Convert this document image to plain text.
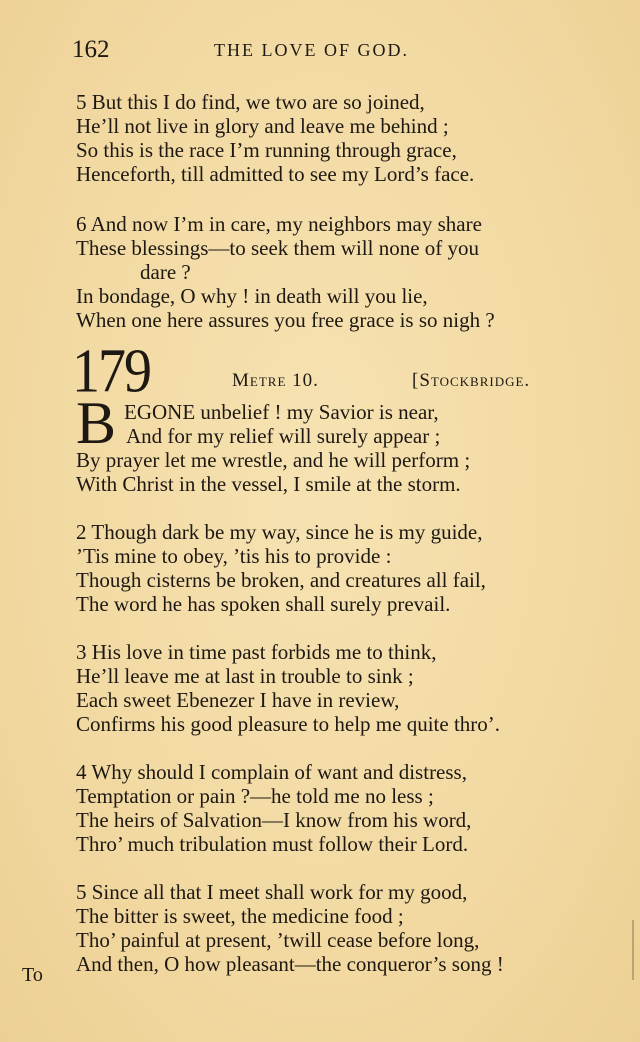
162	THE LOVE OF GOD.
5 But this I do find, we two are so joined,
He’ll not live in glory and leave me behind ;
So this is the race I’m running through grace,
Henceforth, till admitted to see my Lord’s face.
6 And now I’m in care, my neighbors may share
These blessings—to seek them will none of you
dare ?
In bondage, O why ! in death will you lie,
When one here assures you free grace is so nigh ?
179	Metre 10.	[Stockbridge.
B EGONE unbelief ! my Savior is near,
And for my relief will surely appear ;
By prayer let me wrestle, and he will perform ;
With Christ in the vessel, I smile at the storm.
2 Though dark be my way, since he is my guide,
’Tis mine to obey, ’tis his to provide :
Though cisterns be broken, and creatures all fail,
The word he has spoken shall surely prevail.
3 His love in time past forbids me to think,
He’ll leave me at last in trouble to sink ;
Each sweet Ebenezer I have in review,
Confirms his good pleasure to help me quite thro’.
4 Why should I complain of want and distress,
Temptation or pain ?—he told me no less ;
The heirs of Salvation—I know from his word,
Thro’ much tribulation must follow their Lord.
5 Since all that I meet shall work for my good,
The bitter is sweet, the medicine food ;
Tho’ painful at present, ’twill cease before long,
And then, O how pleasant—the conqueror’s song !
To
